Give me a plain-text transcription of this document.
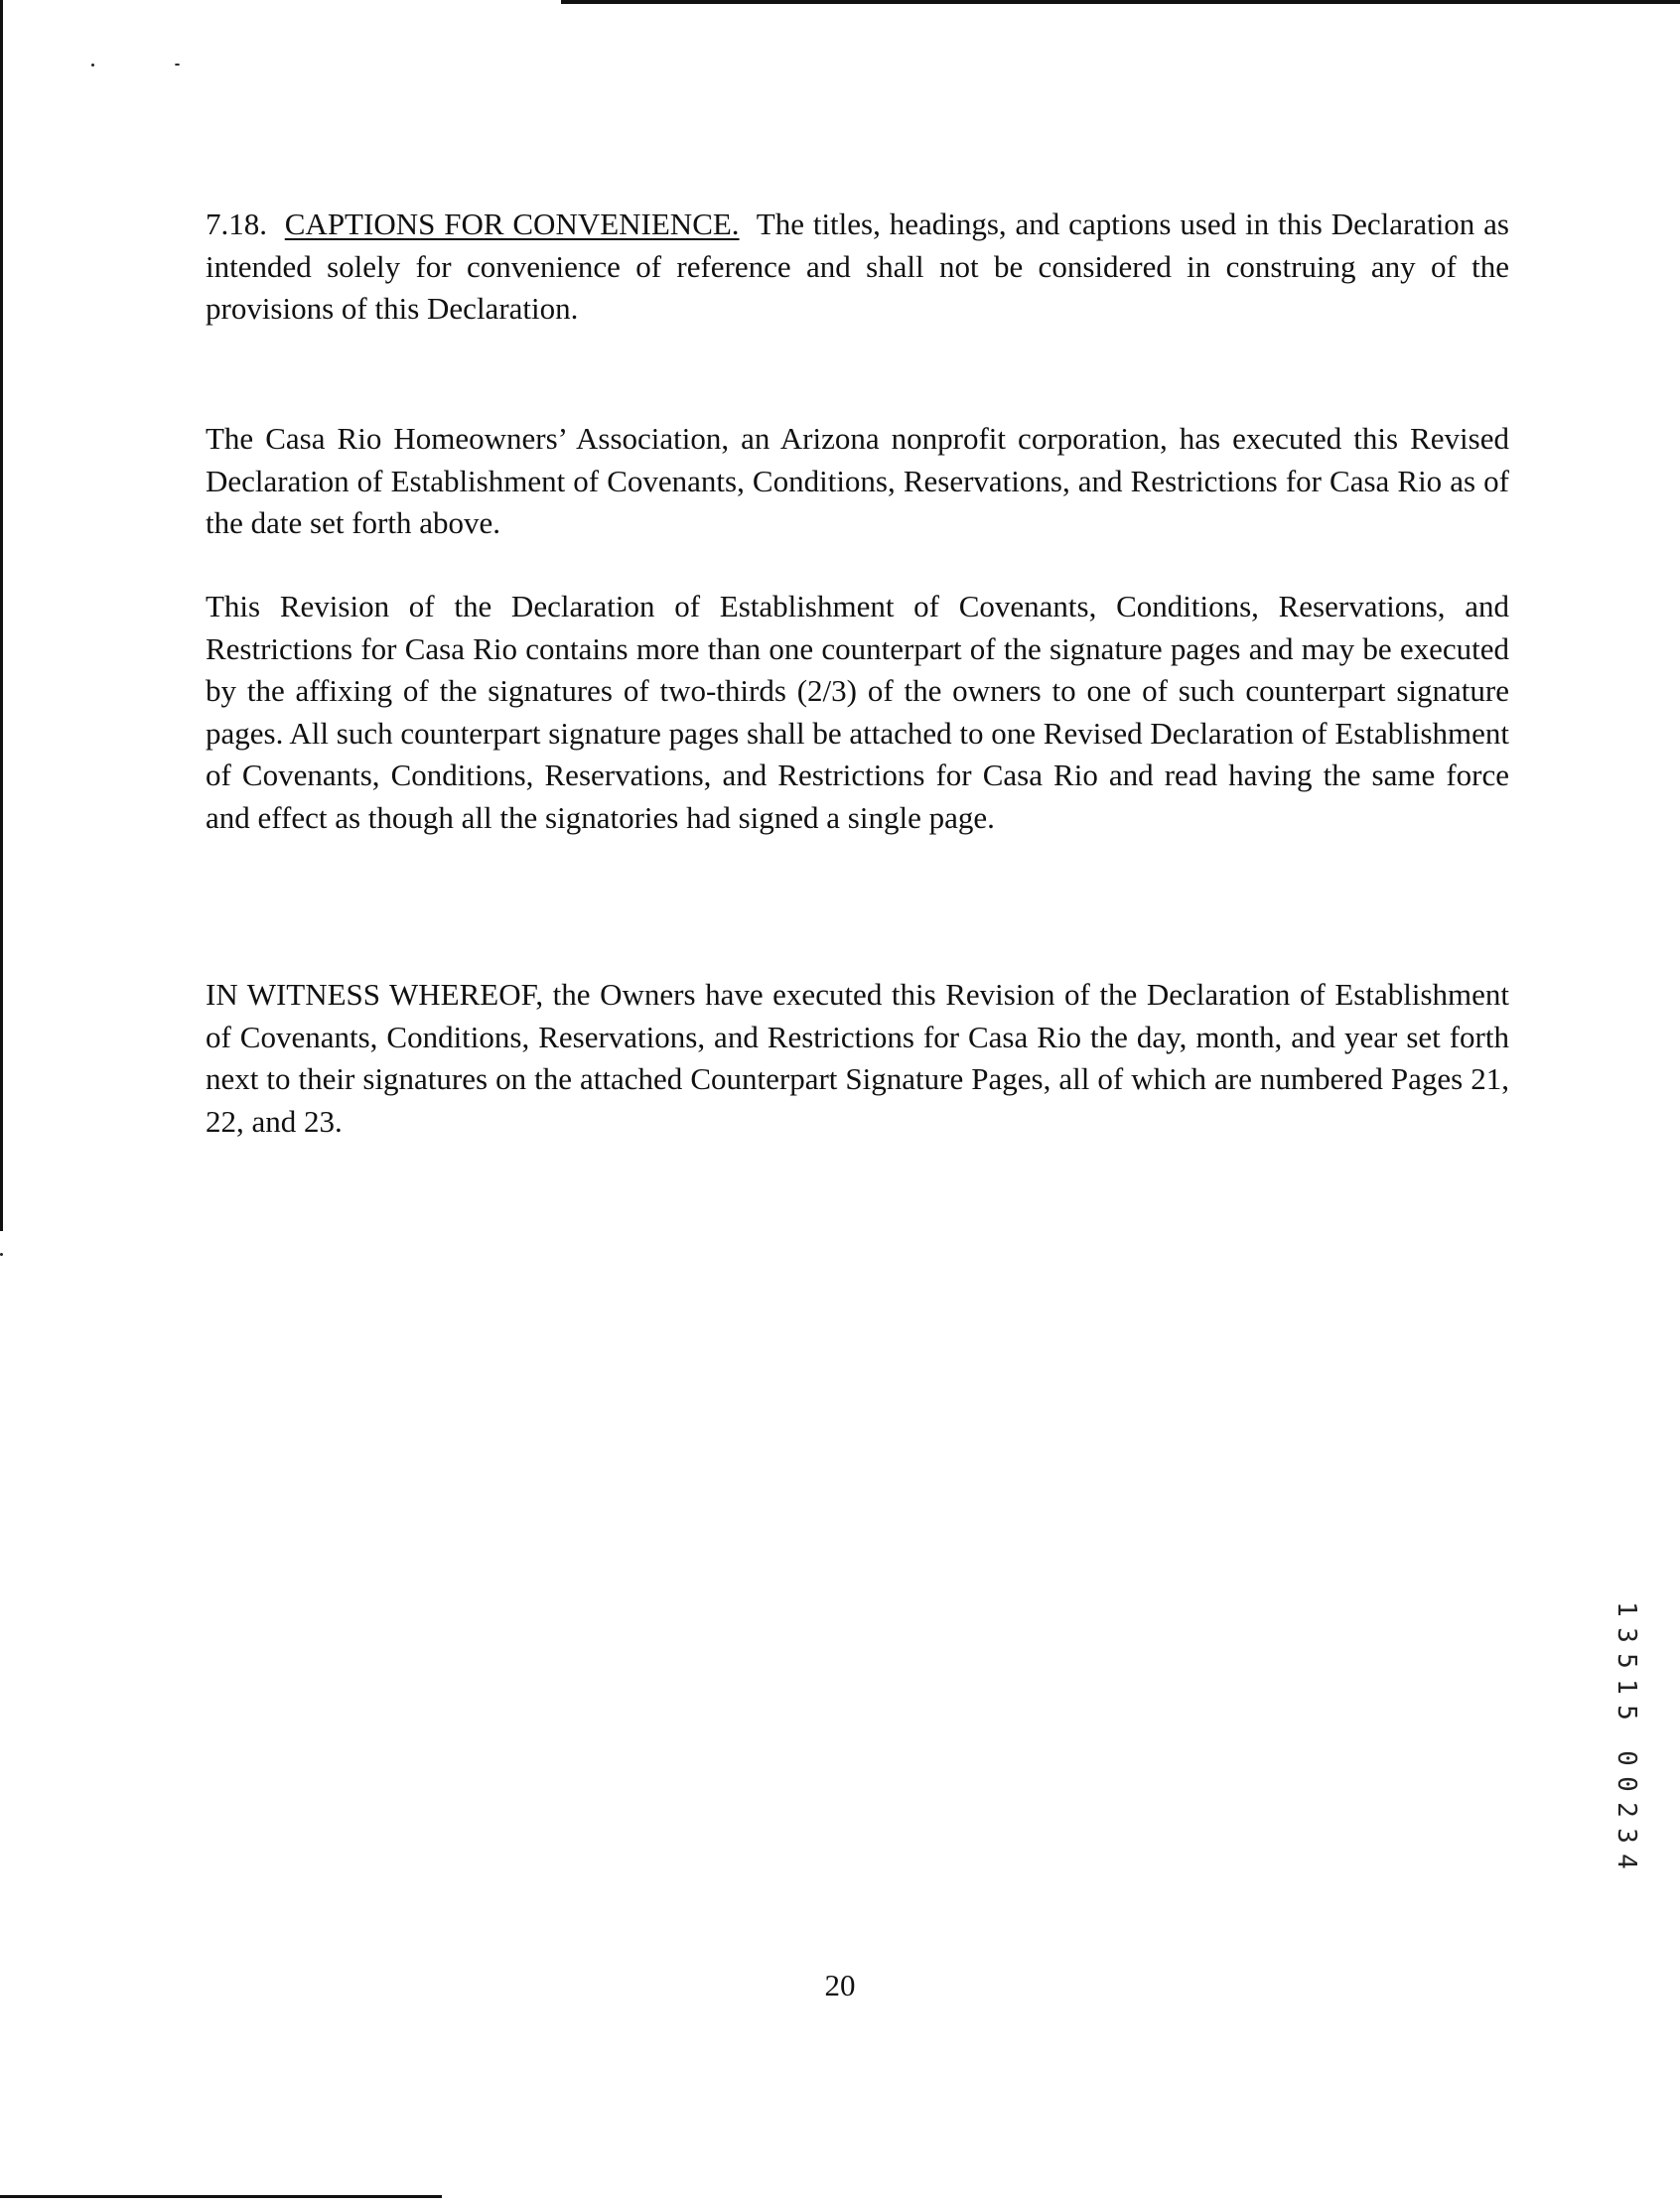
7.18. CAPTIONS FOR CONVENIENCE. The titles, headings, and captions used in this Declaration as intended solely for convenience of reference and shall not be considered in construing any of the provisions of this Declaration.

The Casa Rio Homeowners’ Association, an Arizona nonprofit corporation, has executed this Revised Declaration of Establishment of Covenants, Conditions, Reservations, and Restrictions for Casa Rio as of the date set forth above.

This Revision of the Declaration of Establishment of Covenants, Conditions, Reservations, and Restrictions for Casa Rio contains more than one counterpart of the signature pages and may be executed by the affixing of the signatures of two-thirds (2/3) of the owners to one of such counterpart signature pages. All such counterpart signature pages shall be attached to one Revised Declaration of Establishment of Covenants, Conditions, Reservations, and Restrictions for Casa Rio and read having the same force and effect as though all the signatories had signed a single page.

IN WITNESS WHEREOF, the Owners have executed this Revision of the Declaration of Establishment of Covenants, Conditions, Reservations, and Restrictions for Casa Rio the day, month, and year set forth next to their signatures on the attached Counterpart Signature Pages, all of which are numbered Pages 21, 22, and 23.

20

1
3
5
1
5
0
0
2
3
4
